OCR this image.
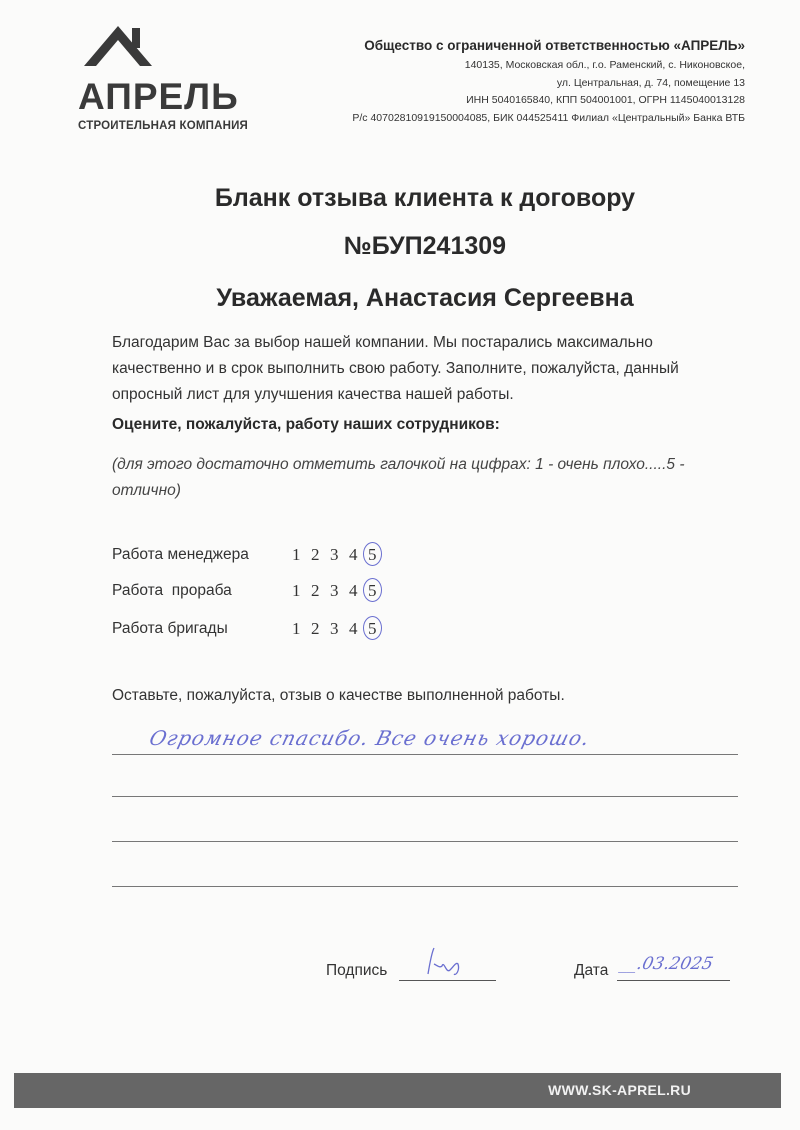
АПРЕЛЬ
СТРОИТЕЛЬНАЯ КОМПАНИЯ
Общество с ограниченной ответственностью «АПРЕЛЬ»
140135, Московская обл., г.о. Раменский, с. Никоновское,
ул. Центральная, д. 74, помещение 13
ИНН 5040165840, КПП 504001001, ОГРН 1145040013128
Р/с 40702810919150004085, БИК 044525411 Филиал «Центральный» Банка ВТБ
Бланк отзыва клиента к договору
№БУП241309
Уважаемая, Анастасия Сергеевна
Благодарим Вас за выбор нашей компании. Мы постарались максимально качественно и в срок выполнить свою работу. Заполните, пожалуйста, данный опросный лист для улучшения качества нашей работы.
Оцените, пожалуйста, работу наших сотрудников:
(для этого достаточно отметить галочкой на цифрах: 1 - очень плохо.....5 - отлично)
Работа менеджера	1 2 3 4 5
Работа  прораба	1 2 3 4 5
Работа бригады	1 2 3 4 5
Оставьте, пожалуйста, отзыв о качестве выполненной работы.
Огромное спасибо. Все очень хорошо.
Подпись	Дата __.03.2025
WWW.SK-APREL.RU
